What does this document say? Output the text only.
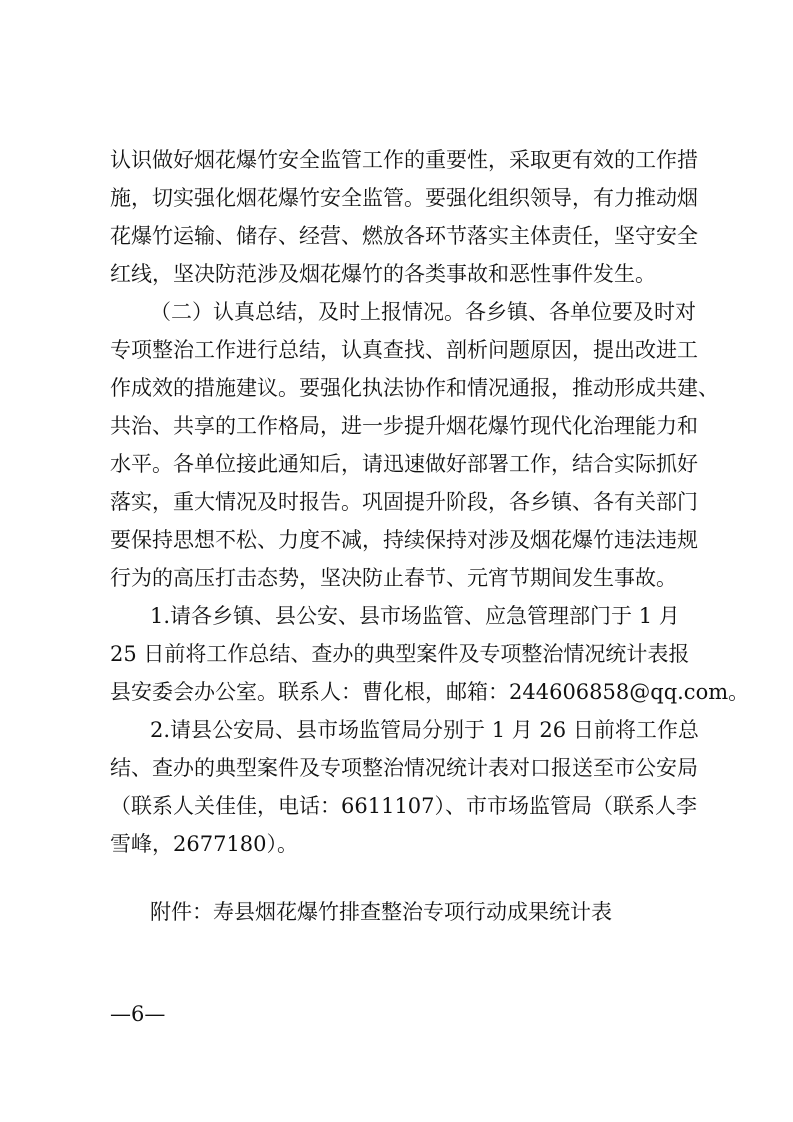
认识做好烟花爆竹安全监管工作的重要性，采取更有效的工作措

施，切实强化烟花爆竹安全监管。要强化组织领导，有力推动烟

花爆竹运输、储存、经营、燃放各环节落实主体责任，坚守安全

红线，坚决防范涉及烟花爆竹的各类事故和恶性事件发生。

（二）认真总结，及时上报情况。各乡镇、各单位要及时对

专项整治工作进行总结，认真查找、剖析问题原因，提出改进工

作成效的措施建议。要强化执法协作和情况通报，推动形成共建、

共治、共享的工作格局，进一步提升烟花爆竹现代化治理能力和

水平。各单位接此通知后，请迅速做好部署工作，结合实际抓好

落实，重大情况及时报告。巩固提升阶段，各乡镇、各有关部门

要保持思想不松、力度不减，持续保持对涉及烟花爆竹违法违规

行为的高压打击态势，坚决防止春节、元宵节期间发生事故。

1.请各乡镇、县公安、县市场监管、应急管理部门于 1 月

25 日前将工作总结、查办的典型案件及专项整治情况统计表报

县安委会办公室。联系人：曹化根，邮箱：244606858@qq.com。

2.请县公安局、县市场监管局分别于 1 月 26 日前将工作总

结、查办的典型案件及专项整治情况统计表对口报送至市公安局

（联系人关佳佳，电话：6611107）、市市场监管局（联系人李

雪峰，2677180）。

附件：寿县烟花爆竹排查整治专项行动成果统计表

—6—
